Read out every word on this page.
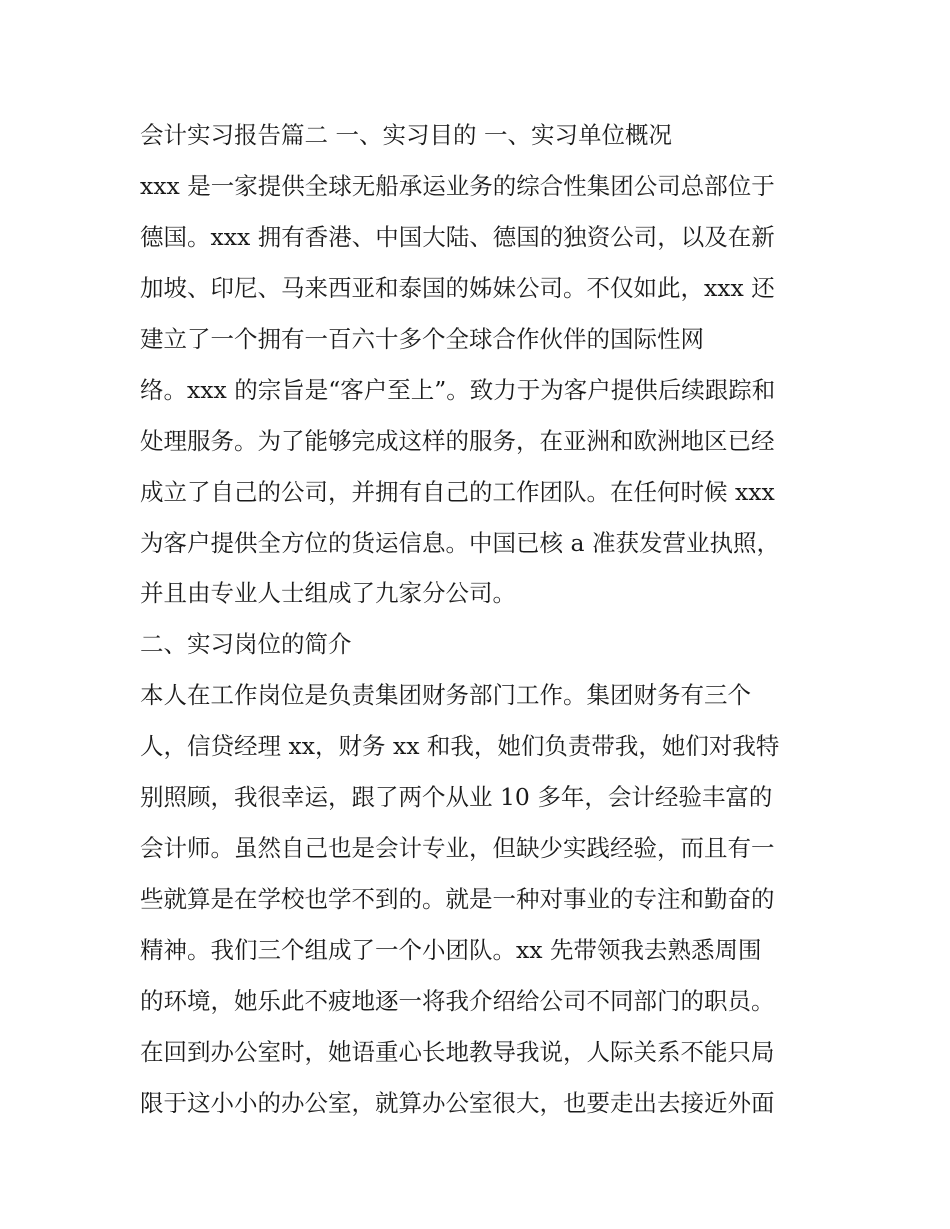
会计实习报告篇二 一、实习目的 一、实习单位概况
xxx 是一家提供全球无船承运业务的综合性集团公司总部位于
德国。xxx 拥有香港、中国大陆、德国的独资公司，以及在新
加坡、印尼、马来西亚和泰国的姊妹公司。不仅如此，xxx 还
建立了一个拥有一百六十多个全球合作伙伴的国际性网
络。xxx 的宗旨是“客户至上”。致力于为客户提供后续跟踪和
处理服务。为了能够完成这样的服务，在亚洲和欧洲地区已经
成立了自己的公司，并拥有自己的工作团队。在任何时候 xxx
为客户提供全方位的货运信息。中国已核 a 准获发营业执照，
并且由专业人士组成了九家分公司。
二、实习岗位的简介
本人在工作岗位是负责集团财务部门工作。集团财务有三个
人，信贷经理 xx，财务 xx 和我，她们负责带我，她们对我特
别照顾，我很幸运，跟了两个从业 10 多年，会计经验丰富的
会计师。虽然自己也是会计专业，但缺少实践经验，而且有一
些就算是在学校也学不到的。就是一种对事业的专注和勤奋的
精神。我们三个组成了一个小团队。xx 先带领我去熟悉周围
的环境，她乐此不疲地逐一将我介绍给公司不同部门的职员。
在回到办公室时，她语重心长地教导我说，人际关系不能只局
限于这小小的办公室，就算办公室很大，也要走出去接近外面
